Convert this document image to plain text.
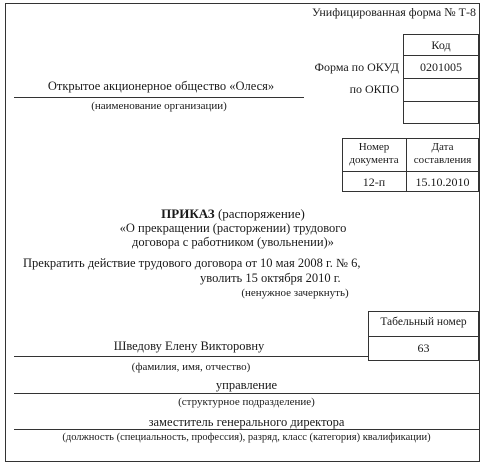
Унифицированная форма № Т-8
Код
0201005
Форма по ОКУД
по ОКПО
Открытое акционерное общество «Олеся»
(наименование организации)
Номер
документа
Дата
составления
12-п	15.10.2010
ПРИКАЗ (распоряжение)
«О прекращении (расторжении) трудового
договора с работником (увольнении)»
Прекратить действие трудового договора от 10 мая 2008 г. № 6,
уволить 15 октября 2010 г.
(ненужное зачеркнуть)
Табельный номер
63
Шведову Елену Викторовну
(фамилия, имя, отчество)
управление
(структурное подразделение)
заместитель генерального директора
(должность (специальность, профессия), разряд, класс (категория) квалификации)
